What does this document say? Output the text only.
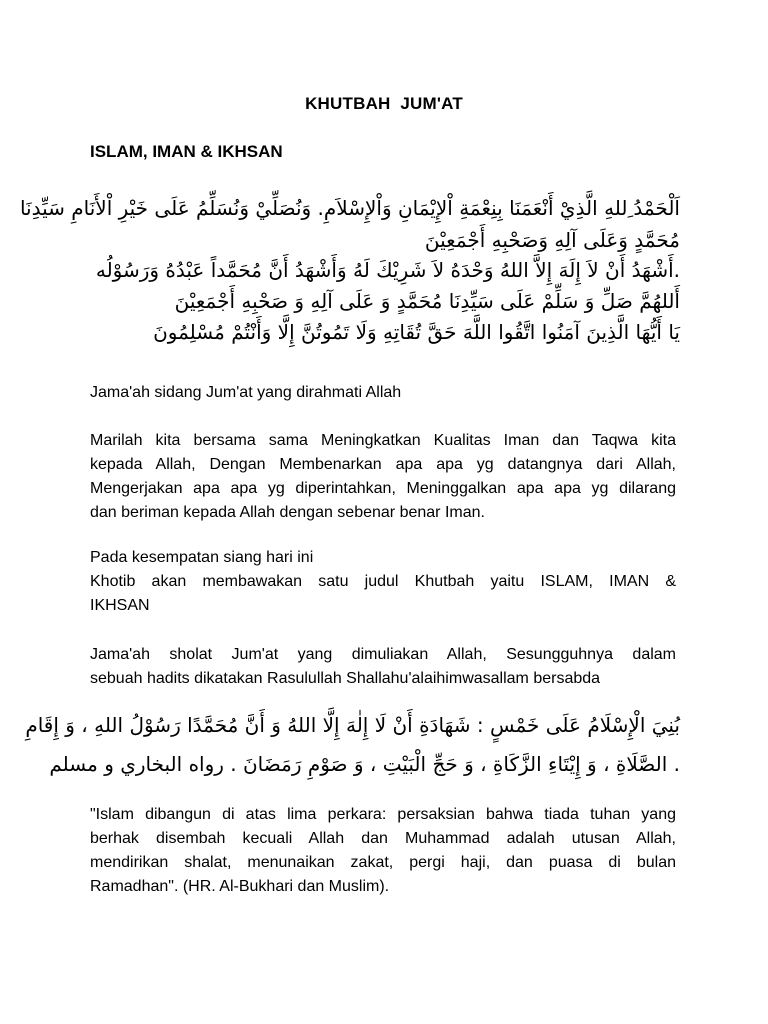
KHUTBAH  JUM'AT
ISLAM, IMAN & IKHSAN
اَلْحَمْدُ ِللهِ الَّذِيْ أَنْعَمَنَا بِنِعْمَةِ اْلإِيْمَانِ وَاْلإِسْلاَمِ. وَنُصَلِّيْ وَنُسَلِّمُ عَلَى خَيْرِ اْلأَنَامِ سَيِّدِنَا
مُحَمَّدٍ وَعَلَى آلِهِ وَصَحْبِهِ أَجْمَعِيْنَ
.أَشْهَدُ أَنْ لاَ إِلَهَ إِلاَّ اللهُ وَحْدَهُ لاَ شَرِيْكَ لَهُ وَأَشْهَدُ أَنَّ مُحَمَّداً عَبْدُهُ وَرَسُوْلُه
أَللهُمَّ صَلِّ وَ سَلِّمْ عَلَى سَيِّدِنَا مُحَمَّدٍ وَ عَلَى آلِهِ وَ صَحْبِهِ أَجْمَعِيْنَ
يَا أَيُّهَا الَّذِينَ آمَنُوا اتَّقُوا اللَّهَ حَقَّ تُقَاتِهِ وَلَا تَمُوتُنَّ إِلَّا وَأَنْتُمْ مُسْلِمُونَ
Jama'ah sidang Jum'at yang dirahmati Allah
Marilah kita bersama sama Meningkatkan Kualitas Iman dan Taqwa kita
kepada Allah, Dengan Membenarkan apa apa yg datangnya dari Allah,
Mengerjakan apa apa yg diperintahkan, Meninggalkan apa apa yg dilarang
dan beriman kepada Allah dengan sebenar benar Iman.
Pada kesempatan siang hari ini
Khotib akan membawakan satu judul Khutbah yaitu ISLAM, IMAN &
IKHSAN
Jama'ah sholat Jum'at yang dimuliakan Allah, Sesungguhnya dalam
sebuah hadits dikatakan Rasulullah Shallahu'alaihimwasallam bersabda
بُنِيَ الْإِسْلَامُ عَلَى خَمْسٍ : شَهَادَةِ أَنْ لَا إِلٰهَ إِلَّا اللهُ وَ أَنَّ مُحَمَّدًا رَسُوْلُ اللهِ ، وَ إِقَامِ
. الصَّلَاةِ ، وَ إِيْتَاءِ الزَّكَاةِ ، وَ حَجِّ الْبَيْتِ ، وَ صَوْمِ رَمَضَانَ . رواه البخاري و مسلم
"Islam dibangun di atas lima perkara: persaksian bahwa tiada tuhan yang
berhak disembah kecuali Allah dan Muhammad adalah utusan Allah,
mendirikan shalat, menunaikan zakat, pergi haji, dan puasa di bulan
Ramadhan". (HR. Al-Bukhari dan Muslim).
